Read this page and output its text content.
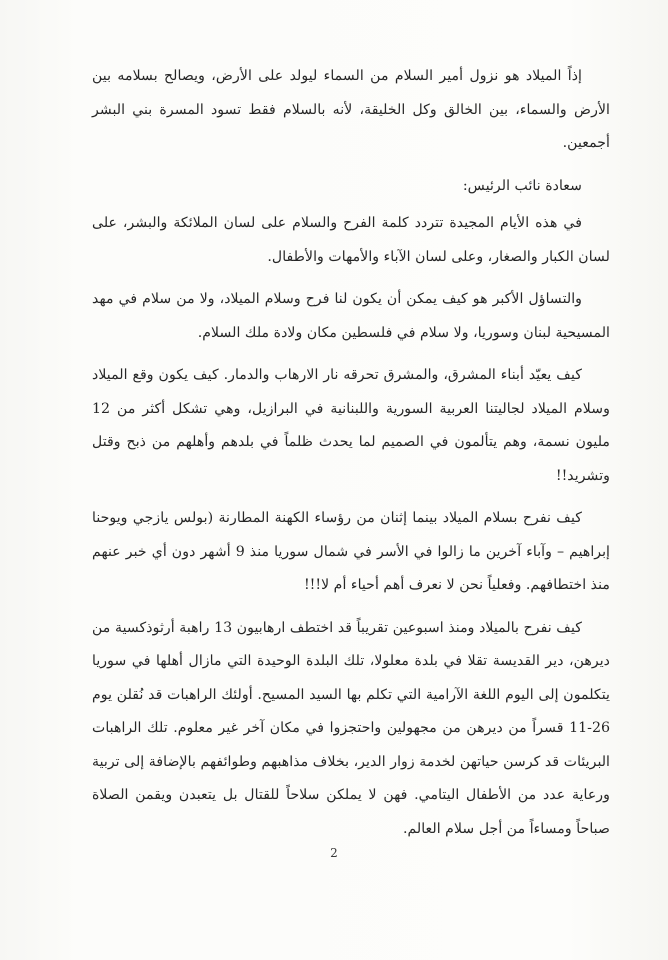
إذاً الميلاد هو نزول أمير السلام من السماء ليولد على الأرض، ويصالح بسلامه بين الأرض والسماء، بين الخالق وكل الخليقة، لأنه بالسلام فقط تسود المسرة بني البشر أجمعين.

سعادة نائب الرئيس:

في هذه الأيام المجيدة تتردد كلمة الفرح والسلام على لسان الملائكة والبشر، على لسان الكبار والصغار، وعلى لسان الآباء والأمهات والأطفال.

والتساؤل الأكبر هو كيف يمكن أن يكون لنا فرح وسلام الميلاد، ولا من سلام في مهد المسيحية لبنان وسوريا، ولا سلام في فلسطين مكان ولادة ملك السلام.

كيف يعيّد أبناء المشرق، والمشرق تحرقه نار الارهاب والدمار. كيف يكون وقع الميلاد وسلام الميلاد لجاليتنا العربية السورية واللبنانية في البرازيل، وهي تشكل أكثر من 12 مليون نسمة، وهم يتألمون في الصميم لما يحدث ظلماً في بلدهم وأهلهم من ذبح وقتل وتشريد!!

كيف نفرح بسلام الميلاد بينما إثنان من رؤساء الكهنة المطارنة (بولس يازجي ويوحنا إبراهيم – وآباء آخرين ما زالوا في الأسر في شمال سوريا منذ 9 أشهر دون أي خبر عنهم منذ اختطافهم. وفعلياً نحن لا نعرف أهم أحياء أم لا!!!

كيف نفرح بالميلاد ومنذ اسبوعين تقريباً قد اختطف ارهابيون 13 راهبة أرثوذكسية من ديرهن، دير القديسة تقلا في بلدة معلولا، تلك البلدة الوحيدة التي مازال أهلها في سوريا يتكلمون إلى اليوم اللغة الآرامية التي تكلم بها السيد المسيح. أولئك الراهبات قد نُقلن يوم 26-11 قسراً من ديرهن من مجهولين واحتجزوا في مكان آخر غير معلوم. تلك الراهبات البريئات قد كرسن حياتهن لخدمة زوار الدير، بخلاف مذاهبهم وطوائفهم بالإضافة إلى تربية ورعاية عدد من الأطفال اليتامي. فهن لا يملكن سلاحاً للقتال بل يتعبدن ويقمن الصلاة صباحاً ومساءاً من أجل سلام العالم.

2
